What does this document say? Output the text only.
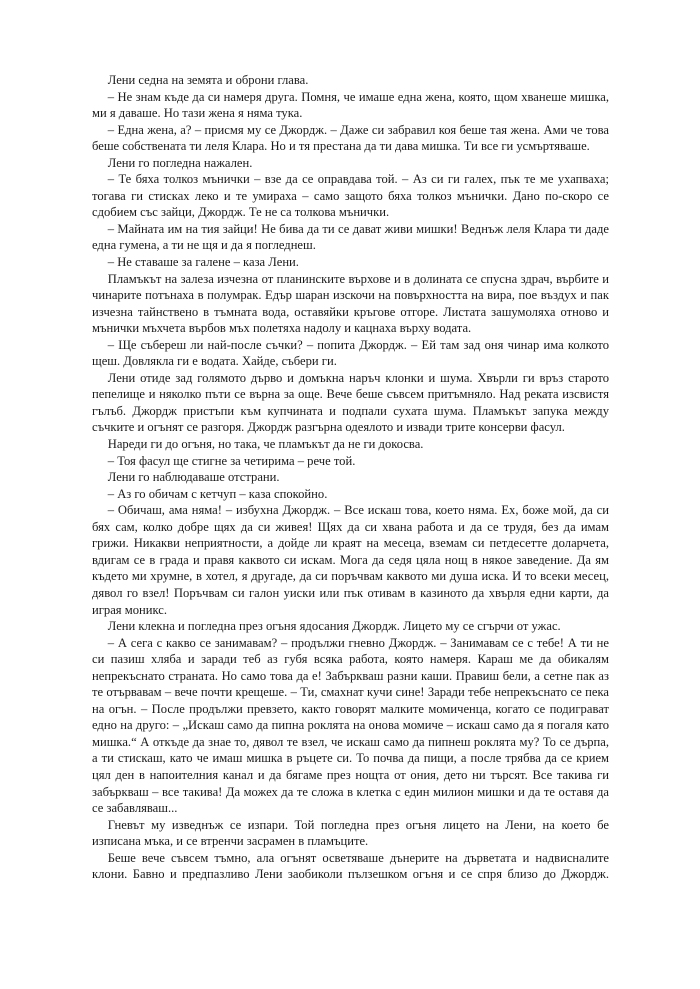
Лени седна на земята и оброни глава.

– Не знам къде да си намеря друга. Помня, че имаше една жена, която, щом хванеше мишка, ми я даваше. Но тази жена я няма тука.

– Една жена, а? – присмя му се Джордж. – Даже си забравил коя беше тая жена. Ами че това беше собствената ти леля Клара. Но и тя престана да ти дава мишка. Ти все ги усмъртяваше.

Лени го погледна нажален.

– Те бяха толкоз мънички – взе да се оправдава той. – Аз си ги галех, пък те ме ухапваха; тогава ги стисках леко и те умираха – само защото бяха толкоз мънички. Дано по-скоро се сдобием със зайци, Джордж. Те не са толкова мънички.

– Майната им на тия зайци! Не бива да ти се дават живи мишки! Веднъж леля Клара ти даде една гумена, а ти не щя и да я погледнеш.

– Не ставаше за галене – каза Лени.

Пламъкът на залеза изчезна от планинските върхове и в долината се спусна здрач, върбите и чинарите потънаха в полумрак. Едър шаран изскочи на повърхността на вира, пое въздух и пак изчезна тайнствено в тъмната вода, оставяйки кръгове отгоре. Листата зашумоляха отново и мънички мъхчета върбов мъх полетяха надолу и кацнаха върху водата.

– Ще събереш ли най-после съчки? – попита Джордж. – Ей там зад оня чинар има колкото щеш. Довлякла ги е водата. Хайде, събери ги.

Лени отиде зад голямото дърво и домъкна наръч клонки и шума. Хвърли ги връз старото пепелище и няколко пъти се върна за още. Вече беше съвсем притъмняло. Над реката изсвистя гълъб. Джордж пристъпи към купчината и подпали сухата шума. Пламъкът запука между съчките и огънят се разгоря. Джордж разгърна одеялото и извади трите консерви фасул.

Нареди ги до огъня, но така, че пламъкът да не ги докосва.

– Тоя фасул ще стигне за четирима – рече той.

Лени го наблюдаваше отстрани.

– Аз го обичам с кетчуп – каза спокойно.

– Обичаш, ама няма! – избухна Джордж. – Все искаш това, което няма. Ех, боже мой, да си бях сам, колко добре щях да си живея! Щях да си хвана работа и да се трудя, без да имам грижи. Никакви неприятности, а дойде ли краят на месеца, вземам си петдесетте доларчета, вдигам се в града и правя каквото си искам. Мога да седя цяла нощ в някое заведение. Да ям където ми хрумне, в хотел, я другаде, да си поръчвам каквото ми душа иска. И то всеки месец, дявол го взел! Поръчвам си галон уиски или пък отивам в казиното да хвърля едни карти, да играя моникс.

Лени клекна и погледна през огъня ядосания Джордж. Лицето му се сгърчи от ужас.

– А сега с какво се занимавам? – продължи гневно Джордж. – Занимавам се с тебе! А ти не си пазиш хляба и заради теб аз губя всяка работа, която намеря. Караш ме да обикалям непрекъснато страната. Но само това да е! Забъркваш разни каши. Правиш бели, а сетне пак аз те отървавам – вече почти крещеше. – Ти, смахнат кучи сине! Заради тебе непрекъснато се пека на огън. – После продължи превзето, както говорят малките момиченца, когато се подиграват едно на друго: – „Искаш само да пипна роклята на онова момиче – искаш само да я погаля като мишка.“ А откъде да знае то, дявол те взел, че искаш само да пипнеш роклята му? То се дърпа, а ти стискаш, като че имаш мишка в ръцете си. То почва да пищи, а после трябва да се крием цял ден в напоителния канал и да бягаме през нощта от ония, дето ни търсят. Все такива ги забъркваш – все такива! Да можех да те сложа в клетка с един милион мишки и да те оставя да се забавляваш...

Гневът му изведнъж се изпари. Той погледна през огъня лицето на Лени, на което бе изписана мъка, и се втренчи засрамен в пламъците.

Беше вече съвсем тъмно, ала огънят осветяваше дънерите на дърветата и надвисналите клони. Бавно и предпазливо Лени заобиколи пълзешком огъня и се спря близо до Джордж.
